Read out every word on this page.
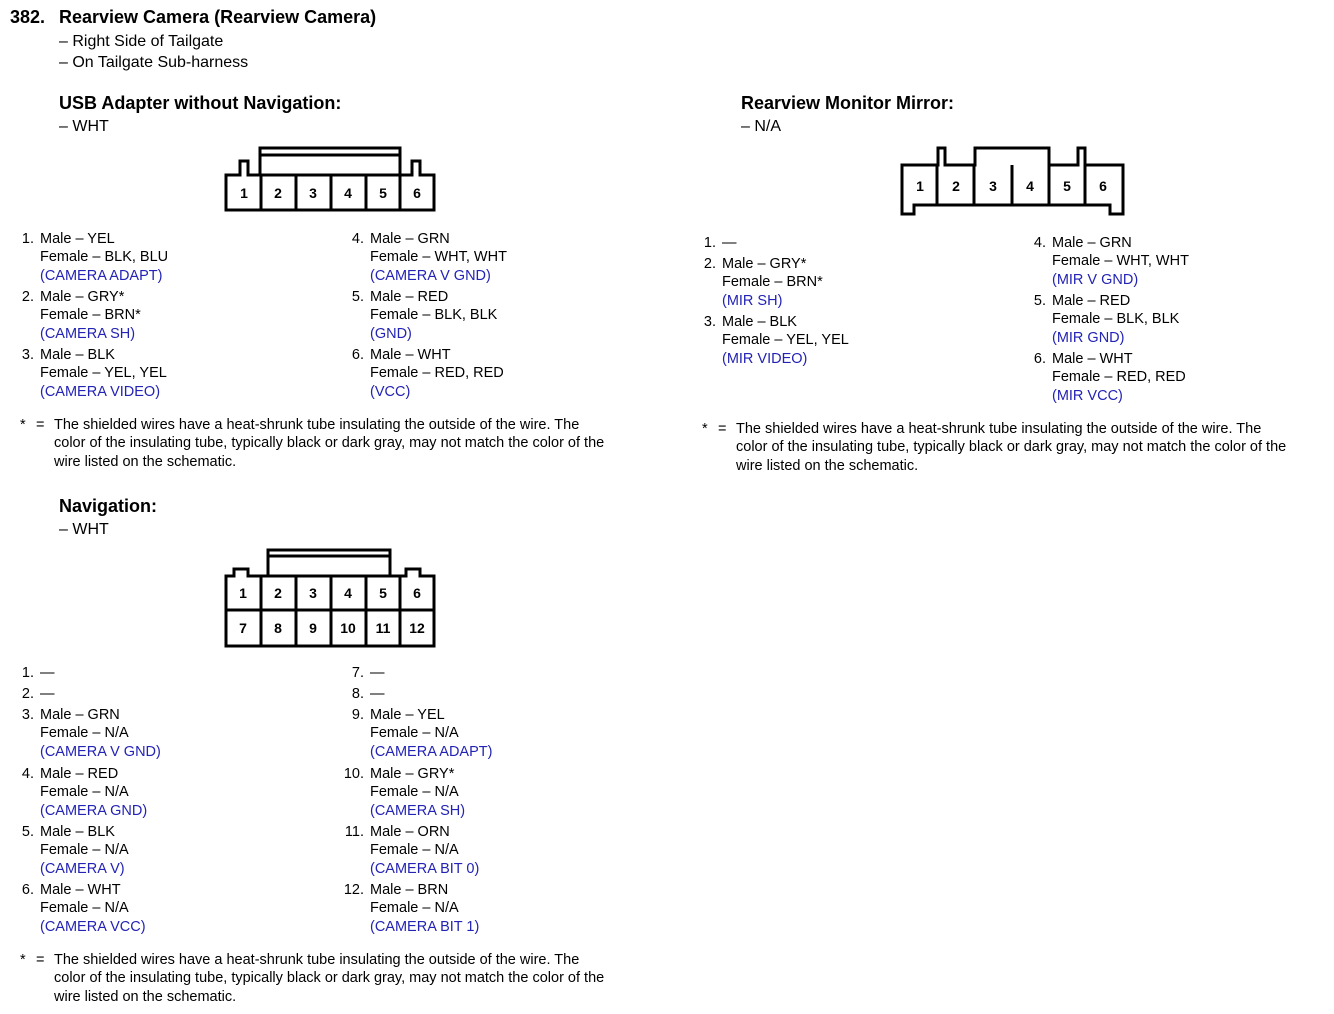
382. Rearview Camera (Rearview Camera)
– Right Side of Tailgate
– On Tailgate Sub-harness
USB Adapter without Navigation:
– WHT
1 2 3 4 5 6
1. Male – YEL
Female – BLK, BLU
(CAMERA ADAPT)
2. Male – GRY*
Female – BRN*
(CAMERA SH)
3. Male – BLK
Female – YEL, YEL
(CAMERA VIDEO)
4. Male – GRN
Female – WHT, WHT
(CAMERA V GND)
5. Male – RED
Female – BLK, BLK
(GND)
6. Male – WHT
Female – RED, RED
(VCC)
* = The shielded wires have a heat-shrunk tube insulating the outside of the wire. The
color of the insulating tube, typically black or dark gray, may not match the color of the
wire listed on the schematic.
Navigation:
– WHT
1 2 3 4 5 6
7 8 9 10 11 12
1. —
2. —
3. Male – GRN
Female – N/A
(CAMERA V GND)
4. Male – RED
Female – N/A
(CAMERA GND)
5. Male – BLK
Female – N/A
(CAMERA V)
6. Male – WHT
Female – N/A
(CAMERA VCC)
7. —
8. —
9. Male – YEL
Female – N/A
(CAMERA ADAPT)
10. Male – GRY*
Female – N/A
(CAMERA SH)
11. Male – ORN
Female – N/A
(CAMERA BIT 0)
12. Male – BRN
Female – N/A
(CAMERA BIT 1)
* = The shielded wires have a heat-shrunk tube insulating the outside of the wire. The
color of the insulating tube, typically black or dark gray, may not match the color of the
wire listed on the schematic.
Rearview Monitor Mirror:
– N/A
1 2 3 4 5 6
1. —
2. Male – GRY*
Female – BRN*
(MIR SH)
3. Male – BLK
Female – YEL, YEL
(MIR VIDEO)
4. Male – GRN
Female – WHT, WHT
(MIR V GND)
5. Male – RED
Female – BLK, BLK
(MIR GND)
6. Male – WHT
Female – RED, RED
(MIR VCC)
* = The shielded wires have a heat-shrunk tube insulating the outside of the wire. The
color of the insulating tube, typically black or dark gray, may not match the color of the
wire listed on the schematic.
